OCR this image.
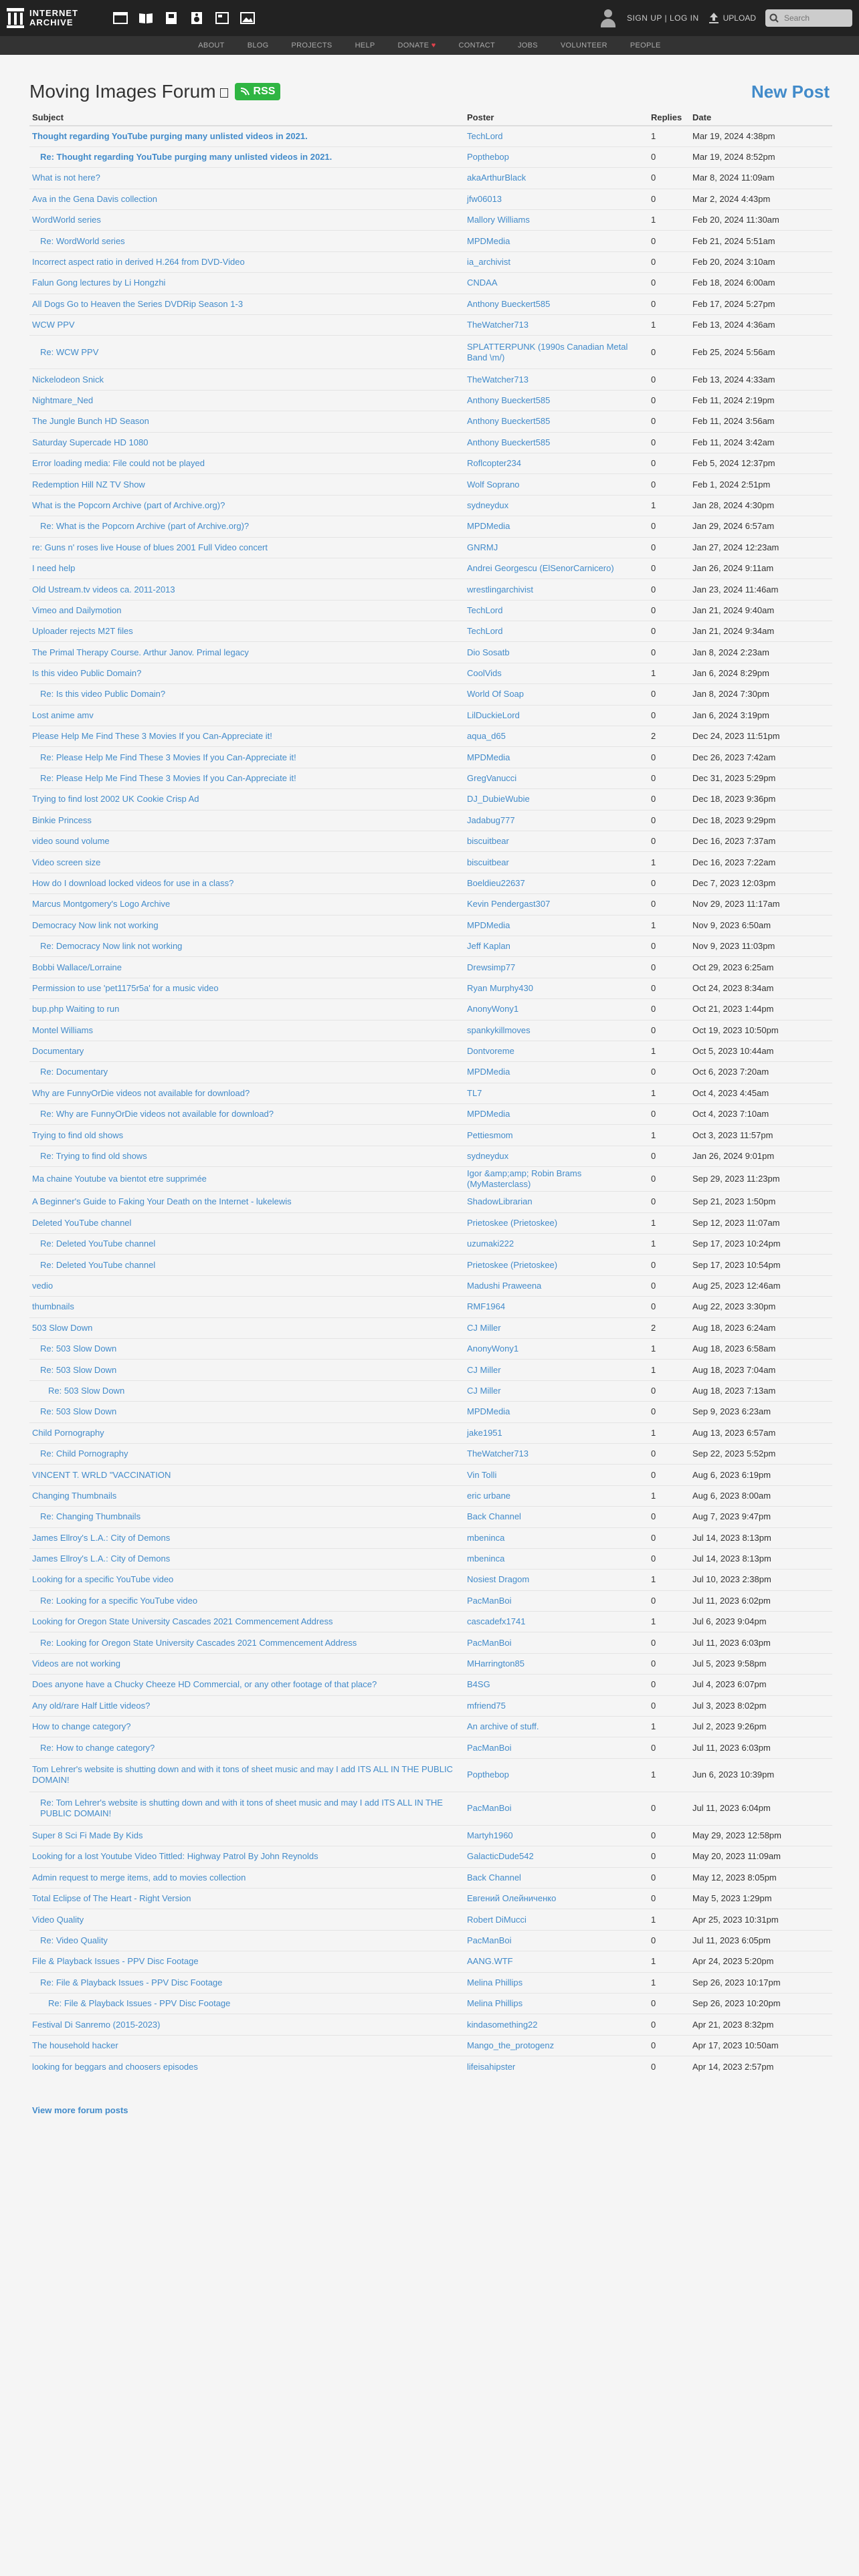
INTERNET
ARCHIVE	SIGN UP | LOG IN	UPLOAD
Search
ABOUT	BLOG	PROJECTS	HELP	DONATE ♥	CONTACT	JOBS	VOLUNTEER	PEOPLE
Moving Images Forum	RSS	New Post
Subject	Poster	Replies	Date
Thought regarding YouTube purging many unlisted videos in 2021.	TechLord	1	Mar 19, 2024 4:38pm
Re: Thought regarding YouTube purging many unlisted videos in 2021.	Popthebop	0	Mar 19, 2024 8:52pm
What is not here?	akaArthurBlack	0	Mar 8, 2024 11:09am
Ava in the Gena Davis collection	jfw06013	0	Mar 2, 2024 4:43pm
WordWorld series	Mallory Williams	1	Feb 20, 2024 11:30am
Re: WordWorld series	MPDMedia	0	Feb 21, 2024 5:51am
Incorrect aspect ratio in derived H.264 from DVD-Video	ia_archivist	0	Feb 20, 2024 3:10am
Falun Gong lectures by Li Hongzhi	CNDAA	0	Feb 18, 2024 6:00am
All Dogs Go to Heaven the Series DVDRip Season 1-3	Anthony Bueckert585	0	Feb 17, 2024 5:27pm
WCW PPV	TheWatcher713	1	Feb 13, 2024 4:36am
Re: WCW PPV	SPLATTERPUNK (1990s Canadian Metal Band \m/)	0	Feb 25, 2024 5:56am
Nickelodeon Snick	TheWatcher713	0	Feb 13, 2024 4:33am
Nightmare_Ned	Anthony Bueckert585	0	Feb 11, 2024 2:19pm
The Jungle Bunch HD Season	Anthony Bueckert585	0	Feb 11, 2024 3:56am
Saturday Supercade HD 1080	Anthony Bueckert585	0	Feb 11, 2024 3:42am
Error loading media: File could not be played	Roflcopter234	0	Feb 5, 2024 12:37pm
Redemption Hill NZ TV Show	Wolf Soprano	0	Feb 1, 2024 2:51pm
What is the Popcorn Archive (part of Archive.org)?	sydneydux	1	Jan 28, 2024 4:30pm
Re: What is the Popcorn Archive (part of Archive.org)?	MPDMedia	0	Jan 29, 2024 6:57am
re: Guns n' roses live House of blues 2001 Full Video concert	GNRMJ	0	Jan 27, 2024 12:23am
I need help	Andrei Georgescu (ElSenorCarnicero)	0	Jan 26, 2024 9:11am
Old Ustream.tv videos ca. 2011-2013	wrestlingarchivist	0	Jan 23, 2024 11:46am
Vimeo and Dailymotion	TechLord	0	Jan 21, 2024 9:40am
Uploader rejects M2T files	TechLord	0	Jan 21, 2024 9:34am
The Primal Therapy Course. Arthur Janov. Primal legacy	Dio Sosatb	0	Jan 8, 2024 2:23am
Is this video Public Domain?	CoolVids	1	Jan 6, 2024 8:29pm
Re: Is this video Public Domain?	World Of Soap	0	Jan 8, 2024 7:30pm
Lost anime amv	LilDuckieLord	0	Jan 6, 2024 3:19pm
Please Help Me Find These 3 Movies If you Can-Appreciate it!	aqua_d65	2	Dec 24, 2023 11:51pm
Re: Please Help Me Find These 3 Movies If you Can-Appreciate it!	MPDMedia	0	Dec 26, 2023 7:42am
Re: Please Help Me Find These 3 Movies If you Can-Appreciate it!	GregVanucci	0	Dec 31, 2023 5:29pm
Trying to find lost 2002 UK Cookie Crisp Ad	DJ_DubieWubie	0	Dec 18, 2023 9:36pm
Binkie Princess	Jadabug777	0	Dec 18, 2023 9:29pm
video sound volume	biscuitbear	0	Dec 16, 2023 7:37am
Video screen size	biscuitbear	1	Dec 16, 2023 7:22am
How do I download locked videos for use in a class?	Boeldieu22637	0	Dec 7, 2023 12:03pm
Marcus Montgomery's Logo Archive	Kevin Pendergast307	0	Nov 29, 2023 11:17am
Democracy Now link not working	MPDMedia	1	Nov 9, 2023 6:50am
Re: Democracy Now link not working	Jeff Kaplan	0	Nov 9, 2023 11:03pm
Bobbi Wallace/Lorraine	Drewsimp77	0	Oct 29, 2023 6:25am
Permission to use 'pet1175r5a' for a music video	Ryan Murphy430	0	Oct 24, 2023 8:34am
bup.php Waiting to run	AnonyWony1	0	Oct 21, 2023 1:44pm
Montel Williams	spankykillmoves	0	Oct 19, 2023 10:50pm
Documentary	Dontvoreme	1	Oct 5, 2023 10:44am
Re: Documentary	MPDMedia	0	Oct 6, 2023 7:20am
Why are FunnyOrDie videos not available for download?	TL7	1	Oct 4, 2023 4:45am
Re: Why are FunnyOrDie videos not available for download?	MPDMedia	0	Oct 4, 2023 7:10am
Trying to find old shows	Pettiesmom	1	Oct 3, 2023 11:57pm
Re: Trying to find old shows	sydneydux	0	Jan 26, 2024 9:01pm
Ma chaine Youtube va bientot etre supprimée	Igor &amp;amp; Robin Brams (MyMasterclass)	0	Sep 29, 2023 11:23pm
A Beginner's Guide to Faking Your Death on the Internet - lukelewis	ShadowLibrarian	0	Sep 21, 2023 1:50pm
Deleted YouTube channel	Prietoskee (Prietoskee)	1	Sep 12, 2023 11:07am
Re: Deleted YouTube channel	uzumaki222	1	Sep 17, 2023 10:24pm
Re: Deleted YouTube channel	Prietoskee (Prietoskee)	0	Sep 17, 2023 10:54pm
vedio	Madushi Praweena	0	Aug 25, 2023 12:46am
thumbnails	RMF1964	0	Aug 22, 2023 3:30pm
503 Slow Down	CJ Miller	2	Aug 18, 2023 6:24am
Re: 503 Slow Down	AnonyWony1	1	Aug 18, 2023 6:58am
Re: 503 Slow Down	CJ Miller	1	Aug 18, 2023 7:04am
Re: 503 Slow Down	CJ Miller	0	Aug 18, 2023 7:13am
Re: 503 Slow Down	MPDMedia	0	Sep 9, 2023 6:23am
Child Pornography	jake1951	1	Aug 13, 2023 6:57am
Re: Child Pornography	TheWatcher713	0	Sep 22, 2023 5:52pm
VINCENT T. WRLD "VACCINATION	Vin Tolli	0	Aug 6, 2023 6:19pm
Changing Thumbnails	eric urbane	1	Aug 6, 2023 8:00am
Re: Changing Thumbnails	Back Channel	0	Aug 7, 2023 9:47pm
James Ellroy's L.A.: City of Demons	mbeninca	0	Jul 14, 2023 8:13pm
James Ellroy's L.A.: City of Demons	mbeninca	0	Jul 14, 2023 8:13pm
Looking for a specific YouTube video	Nosiest Dragom	1	Jul 10, 2023 2:38pm
Re: Looking for a specific YouTube video	PacManBoi	0	Jul 11, 2023 6:02pm
Looking for Oregon State University Cascades 2021 Commencement Address	cascadefx1741	1	Jul 6, 2023 9:04pm
Re: Looking for Oregon State University Cascades 2021 Commencement Address	PacManBoi	0	Jul 11, 2023 6:03pm
Videos are not working	MHarrington85	0	Jul 5, 2023 9:58pm
Does anyone have a Chucky Cheeze HD Commercial, or any other footage of that place?	B4SG	0	Jul 4, 2023 6:07pm
Any old/rare Half Little videos?	mfriend75	0	Jul 3, 2023 8:02pm
How to change category?	An archive of stuff.	1	Jul 2, 2023 9:26pm
Re: How to change category?	PacManBoi	0	Jul 11, 2023 6:03pm
Tom Lehrer's website is shutting down and with it tons of sheet music and may I add ITS ALL IN THE PUBLIC DOMAIN!	Popthebop	1	Jun 6, 2023 10:39pm
Re: Tom Lehrer's website is shutting down and with it tons of sheet music and may I add ITS ALL IN THE PUBLIC DOMAIN!	PacManBoi	0	Jul 11, 2023 6:04pm
Super 8 Sci Fi Made By Kids	Martyh1960	0	May 29, 2023 12:58pm
Looking for a lost Youtube Video Tittled: Highway Patrol By John Reynolds	GalacticDude542	0	May 20, 2023 11:09am
Admin request to merge items, add to movies collection	Back Channel	0	May 12, 2023 8:05pm
Total Eclipse of The Heart - Right Version	Евгений Олейниченко	0	May 5, 2023 1:29pm
Video Quality	Robert DiMucci	1	Apr 25, 2023 10:31pm
Re: Video Quality	PacManBoi	0	Jul 11, 2023 6:05pm
File & Playback Issues - PPV Disc Footage	AANG.WTF	1	Apr 24, 2023 5:20pm
Re: File & Playback Issues - PPV Disc Footage	Melina Phillips	1	Sep 26, 2023 10:17pm
Re: File & Playback Issues - PPV Disc Footage	Melina Phillips	0	Sep 26, 2023 10:20pm
Festival Di Sanremo (2015-2023)	kindasomething22	0	Apr 21, 2023 8:32pm
The household hacker	Mango_the_protogenz	0	Apr 17, 2023 10:50am
looking for beggars and choosers episodes	lifeisahipster	0	Apr 14, 2023 2:57pm
View more forum posts
